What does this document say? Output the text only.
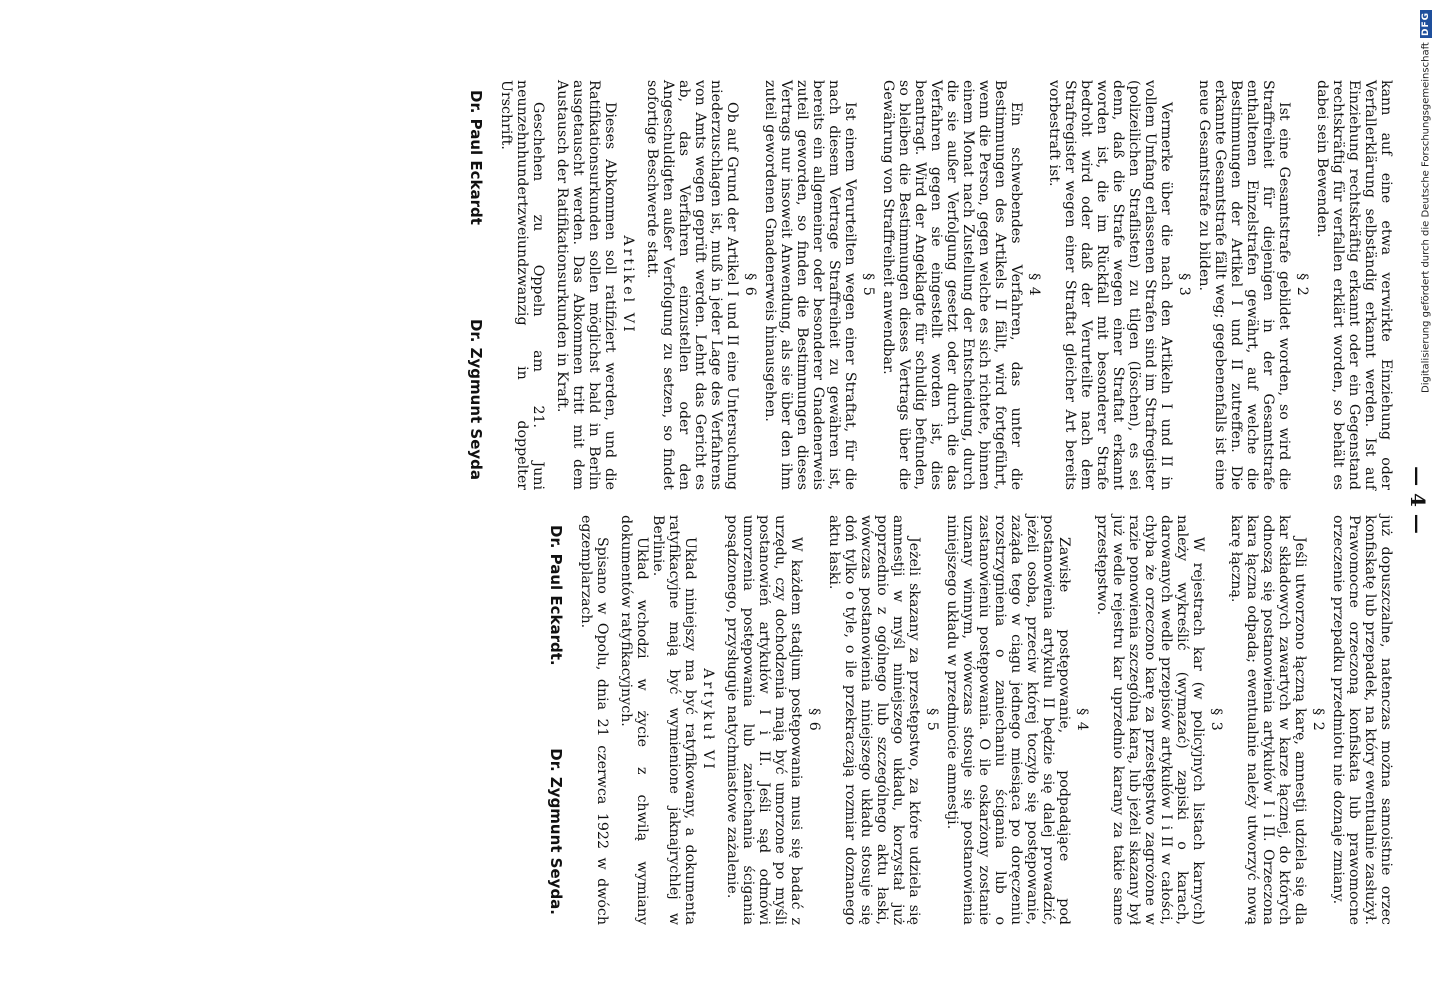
kann auf eine etwa verwirkte Einziehung oder Verfallerklärung selbständig erkannt werden. Ist auf Einziehung rechtskräftig erkannt oder ein Gegenstand rechtskräftig für verfallen erklärt worden, so behält es dabei sein Bewenden.

§ 2

Ist eine Gesamtstrafe gebildet worden, so wird die Straffreiheit für diejenigen in der Gesamtstrafe enthaltenen Einzelstrafen gewährt, auf welche die Bestimmungen der Artikel I und II zutreffen. Die erkannte Gesamtstrafe fällt weg; gegebenenfalls ist eine neue Gesamtstrafe zu bilden.

§ 3

Vermerke über die nach den Artikeln I und II in vollem Umfang erlassenen Strafen sind im Strafregister (polizeilichen Straflisten) zu tilgen (löschen), es sei denn, daß die Strafe wegen einer Straftat erkannt worden ist, die im Rückfall mit besonderer Strafe bedroht wird oder daß der Verurteilte nach dem Strafregister wegen einer Straftat gleicher Art bereits vorbestraft ist.

§ 4

Ein schwebendes Verfahren, das unter die Bestimmungen des Artikels II fällt, wird fortgeführt, wenn die Person, gegen welche es sich richtete, binnen einem Monat nach Zustellung der Entscheidung, durch die sie außer Verfolgung gesetzt oder durch die das Verfahren gegen sie eingestellt worden ist, dies beantragt. Wird der Angeklagte für schuldig befunden, so bleiben die Bestimmungen dieses Vertrags über die Gewährung von Straffreiheit anwendbar.

§ 5

Ist einem Verurteilten wegen einer Straftat, für die nach diesem Vertrage Straffreiheit zu gewähren ist, bereits ein allgemeiner oder besonderer Gnadenerweis zuteil geworden, so finden die Bestimmungen dieses Vertrags nur insoweit Anwendung, als sie über den ihm zuteil gewordenen Gnadenerweis hinausgehen.

§ 6

Ob auf Grund der Artikel I und II eine Untersuchung niederzuschlagen ist, muß in jeder Lage des Verfahrens von Amts wegen geprüft werden. Lehnt das Gericht es ab, das Verfahren einzustellen oder den Angeschuldigten außer Verfolgung zu setzen, so findet sofortige Beschwerde statt.

Artikel VI

Dieses Abkommen soll ratifiziert werden, und die Ratifikationsurkunden sollen möglichst bald in Berlin ausgetauscht werden. Das Abkommen tritt mit dem Austausch der Ratifikationsurkunden in Kraft.

Geschehen zu Oppeln am 21. Juni neunzehnhundertzweiundzwanzig in doppelter Urschrift.

Dr. Paul Eckardt
Dr. Zygmunt Seyda
— 4 —

już dopuszczalne, natenczas można samoistnie orzec konfiskatę lub przepadek, na który ewentualnie zasłużył. Prawomocne orzeczoną konfiskata lub prawomocne orzeczenie przepadku przedmiotu nie doznaje zmiany.

§ 2

Jeśli utworzono łączną karę, amnestji udziela się dla kar składowych zawartych w karze łącznej, do których odnoszą się postanowienia artykułów I i II. Orzeczona kara łączna odpada; ewentualnie należy utworzyć nową karę łączną.

§ 3

W rejestrach kar (w policyjnych listach karnych) należy wykreślić (wymazać) zapiski o karach, darowanych wedle przepisów artykułów I i II w całości, chyba że orzeczono karę za przestępstwo zagrożone w razie ponowienia szczególną karą, lub jeżeli skazany był już wedle rejestru kar uprzednio karany za takie same przestępstwo.

§ 4

Zawisłe postępowanie, podpadające pod postanowienia artykułu II będzie się dalej prowadzić, jeżeli osoba, przeciw której toczyło się postępowanie, zażąda tego w ciągu jednego miesiąca po doręczeniu rozstrzygnienia o zaniechaniu ścigania lub o zastanowieniu postępowania. O ile oskarżony zostanie uznany winnym, wówczas stosuje się postanowienia niniejszego układu w przedmiocie amnestji.

§ 5

Jeżeli skazany za przestępstwo, za które udziela się amnestji w myśl niniejszego układu, korzystał już poprzednio z ogólnego lub szczególnego aktu łaski, wówczas postanowienia niniejszego układu stosuje się doń tylko o tyle, o ile przekraczają rozmiar doznanego aktu łaski.

§ 6

W każdem stadjum postępowania musi się badać z urzędu, czy dochodzenia mają być umorzone po myśli postanowień artykułów I i II. Jeśli sąd odmówi umorzenia postępowania lub zaniechania ścigania posądzonego, przysługuje natychmiastowe zażalenie.

Artykuł VI

Układ niniejszy ma być ratyfikowany, a dokumenta ratyfikacyjne mają być wymienione jaknajrychlej w Berlinie.

Układ wchodzi w życie z chwilą wymiany dokumentów ratyfikacyjnych.

Spisano w Opolu, dnia 21 czerwca 1922 w dwóch egzemplarzach.

Dr. Paul Eckardt.
Dr. Zygmunt Seyda.
Digitalisierung gefördert durch die Deutsche Forschungsgemeinschaft
DFG
